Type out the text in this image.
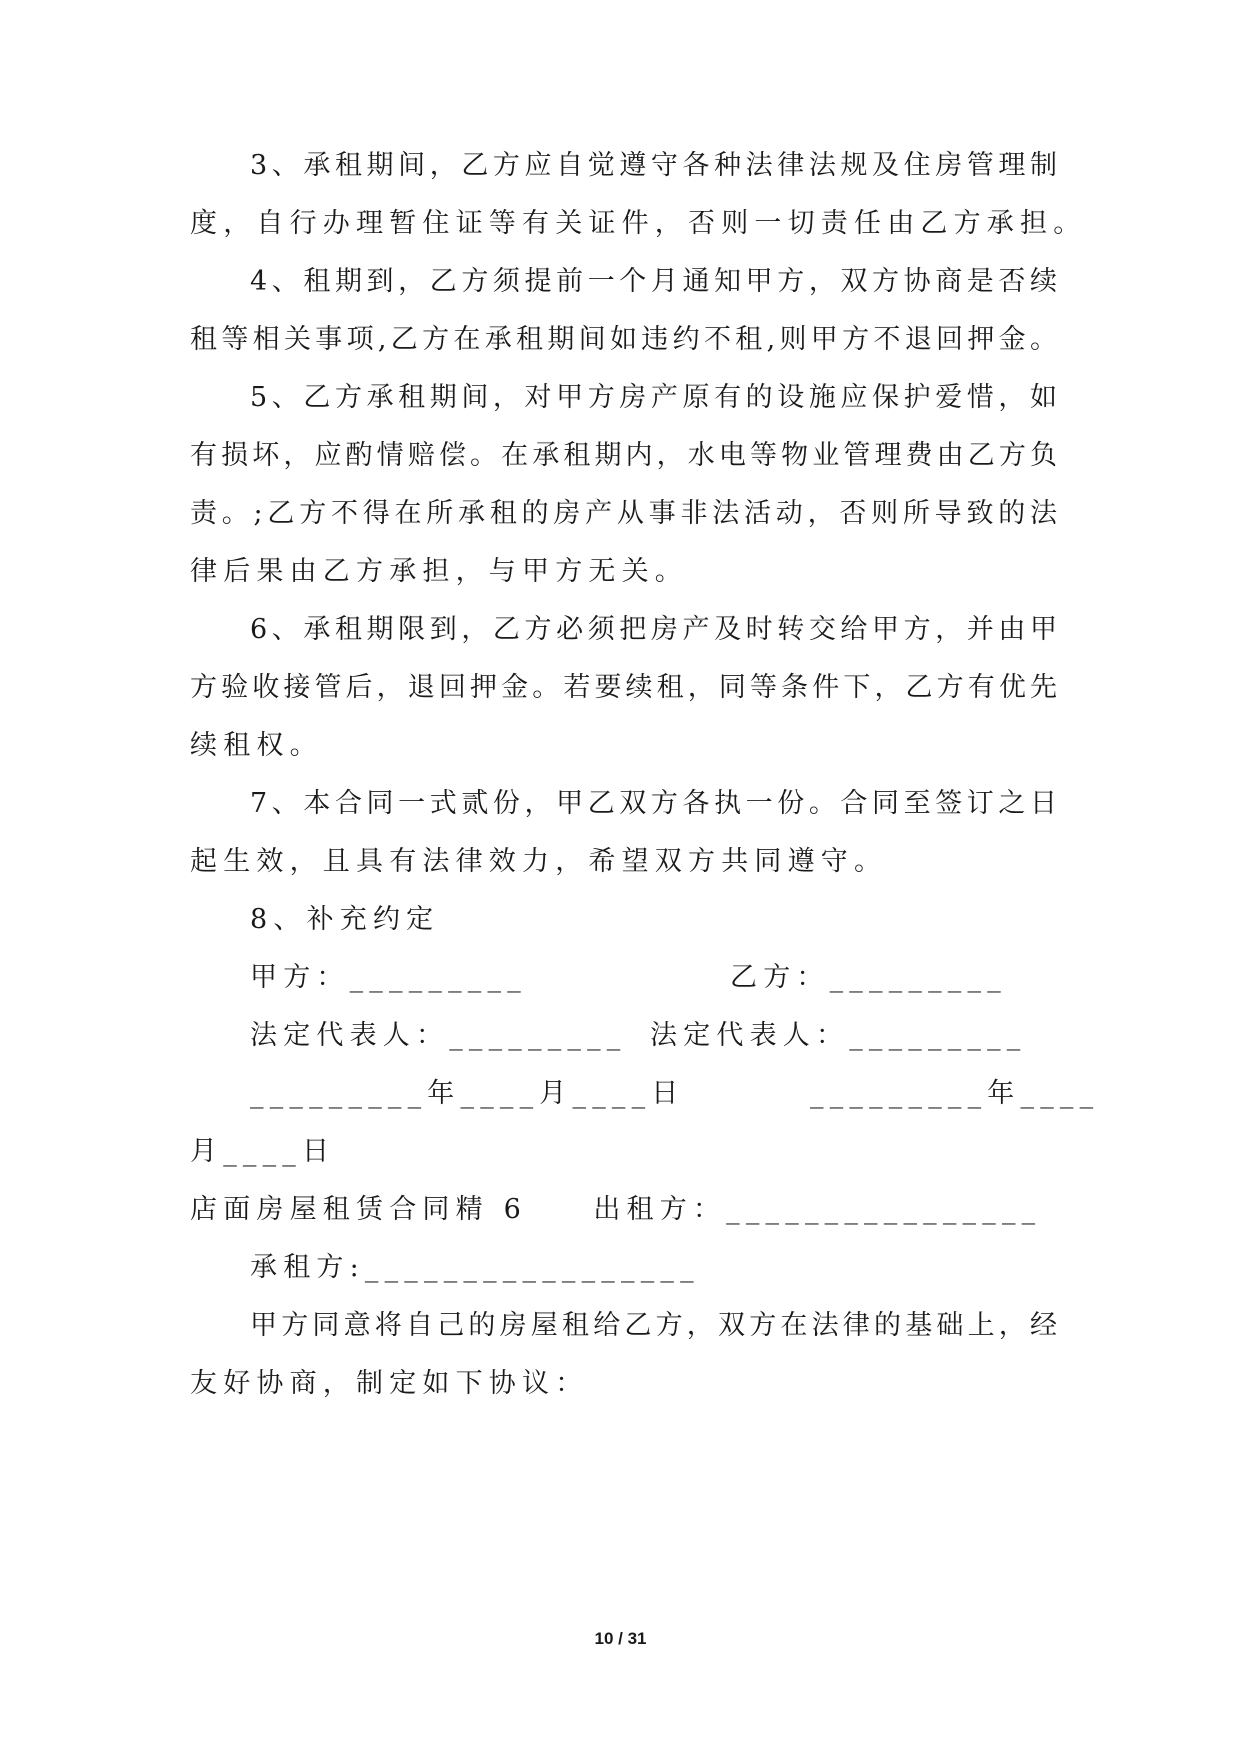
3、承租期间，乙方应自觉遵守各种法律法规及住房管理制
度，自行办理暂住证等有关证件，否则一切责任由乙方承担。
4、租期到，乙方须提前一个月通知甲方，双方协商是否续
租等相关事项,乙方在承租期间如违约不租,则甲方不退回押金。
5、乙方承租期间，对甲方房产原有的设施应保护爱惜，如
有损坏，应酌情赔偿。在承租期内，水电等物业管理费由乙方负
责。;乙方不得在所承租的房产从事非法活动，否则所导致的法
律后果由乙方承担，与甲方无关。
6、承租期限到，乙方必须把房产及时转交给甲方，并由甲
方验收接管后，退回押金。若要续租，同等条件下，乙方有优先
续租权。
7、本合同一式贰份，甲乙双方各执一份。合同至签订之日
起生效，且具有法律效力，希望双方共同遵守。
8、补充约定
甲方：_________	乙方：_________
法定代表人：_________ 法定代表人：_________
_________年____月____日	_________年____
月____日
店面房屋租赁合同精 6　　出租方：________________
承租方:_________________
甲方同意将自己的房屋租给乙方，双方在法律的基础上，经
友好协商，制定如下协议：
10 / 31
